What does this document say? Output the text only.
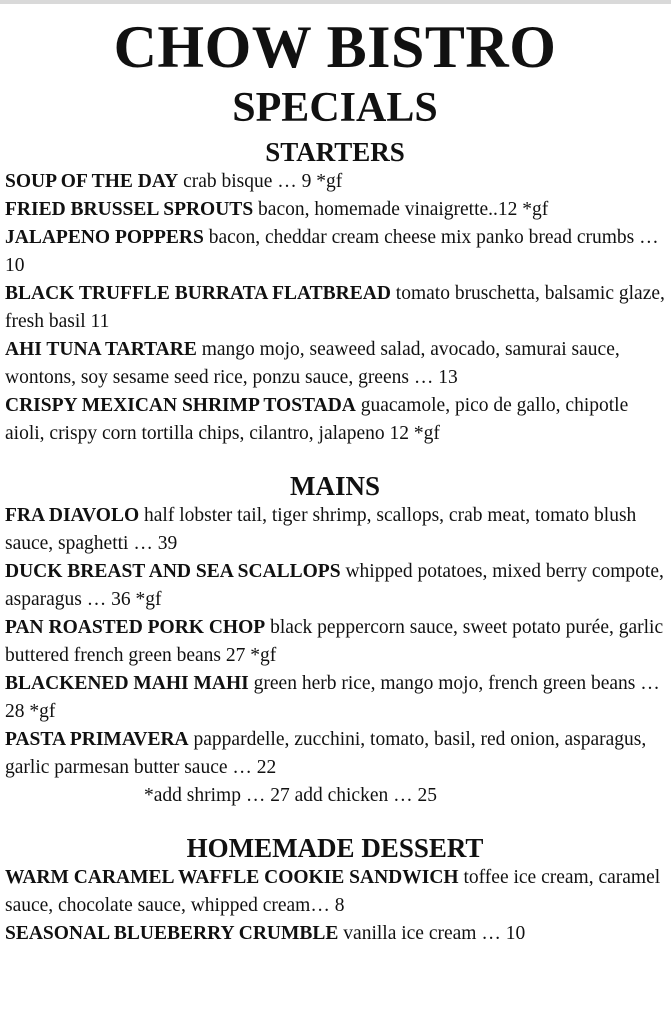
CHOW BISTRO
SPECIALS
STARTERS

SOUP OF THE DAY crab bisque … 9 *gf

FRIED BRUSSEL SPROUTS bacon, homemade vinaigrette..12 *gf

JALAPENO POPPERS bacon, cheddar cream cheese mix panko bread crumbs … 10

BLACK TRUFFLE BURRATA FLATBREAD tomato bruschetta, balsamic glaze, fresh basil 11

AHI TUNA TARTARE mango mojo, seaweed salad, avocado, samurai sauce, wontons, soy sesame seed rice, ponzu sauce, greens … 13

CRISPY MEXICAN SHRIMP TOSTADA guacamole, pico de gallo, chipotle aioli, crispy corn tortilla chips, cilantro, jalapeno 12 *gf

MAINS

FRA DIAVOLO half lobster tail, tiger shrimp, scallops, crab meat, tomato blush sauce, spaghetti … 39

DUCK BREAST AND SEA SCALLOPS whipped potatoes, mixed berry compote, asparagus … 36 *gf

PAN ROASTED PORK CHOP black peppercorn sauce, sweet potato purée, garlic buttered french green beans 27 *gf

BLACKENED MAHI MAHI green herb rice, mango mojo, french green beans … 28 *gf

PASTA PRIMAVERA pappardelle, zucchini, tomato, basil, red onion, asparagus, garlic parmesan butter sauce … 22

*add shrimp … 27 add chicken … 25

HOMEMADE DESSERT

WARM CARAMEL WAFFLE COOKIE SANDWICH toffee ice cream, caramel sauce, chocolate sauce, whipped cream… 8

SEASONAL BLUEBERRY CRUMBLE vanilla ice cream … 10
